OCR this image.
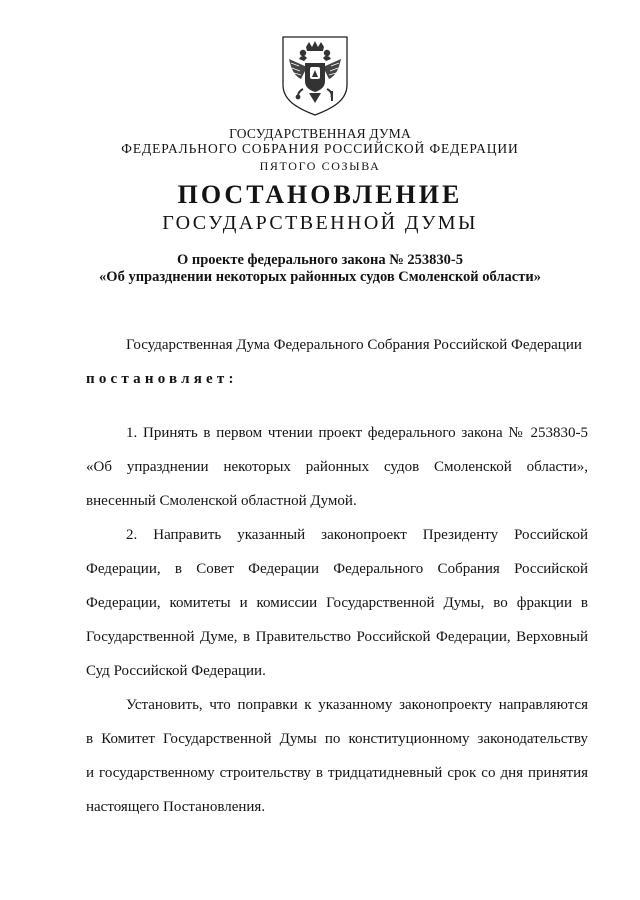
ГОСУДАРСТВЕННАЯ ДУМА
ФЕДЕРАЛЬНОГО СОБРАНИЯ РОССИЙСКОЙ ФЕДЕРАЦИИ
ПЯТОГО СОЗЫВА
ПОСТАНОВЛЕНИЕ
ГОСУДАРСТВЕННОЙ ДУМЫ
О проекте федерального закона № 253830-5
«Об упразднении некоторых районных судов Смоленской области»
Государственная Дума Федерального Собрания Российской Федерации
постановляет:
1. Принять в первом чтении проект федерального закона № 253830-5
«Об упразднении некоторых районных судов Смоленской области»,
внесенный Смоленской областной Думой.
2. Направить указанный законопроект Президенту Российской
Федерации, в Совет Федерации Федерального Собрания Российской
Федерации, комитеты и комиссии Государственной Думы, во фракции в
Государственной Думе, в Правительство Российской Федерации, Верховный
Суд Российской Федерации.
Установить, что поправки к указанному законопроекту направляются
в Комитет Государственной Думы по конституционному законодательству
и государственному строительству в тридцатидневный срок со дня принятия
настоящего Постановления.
